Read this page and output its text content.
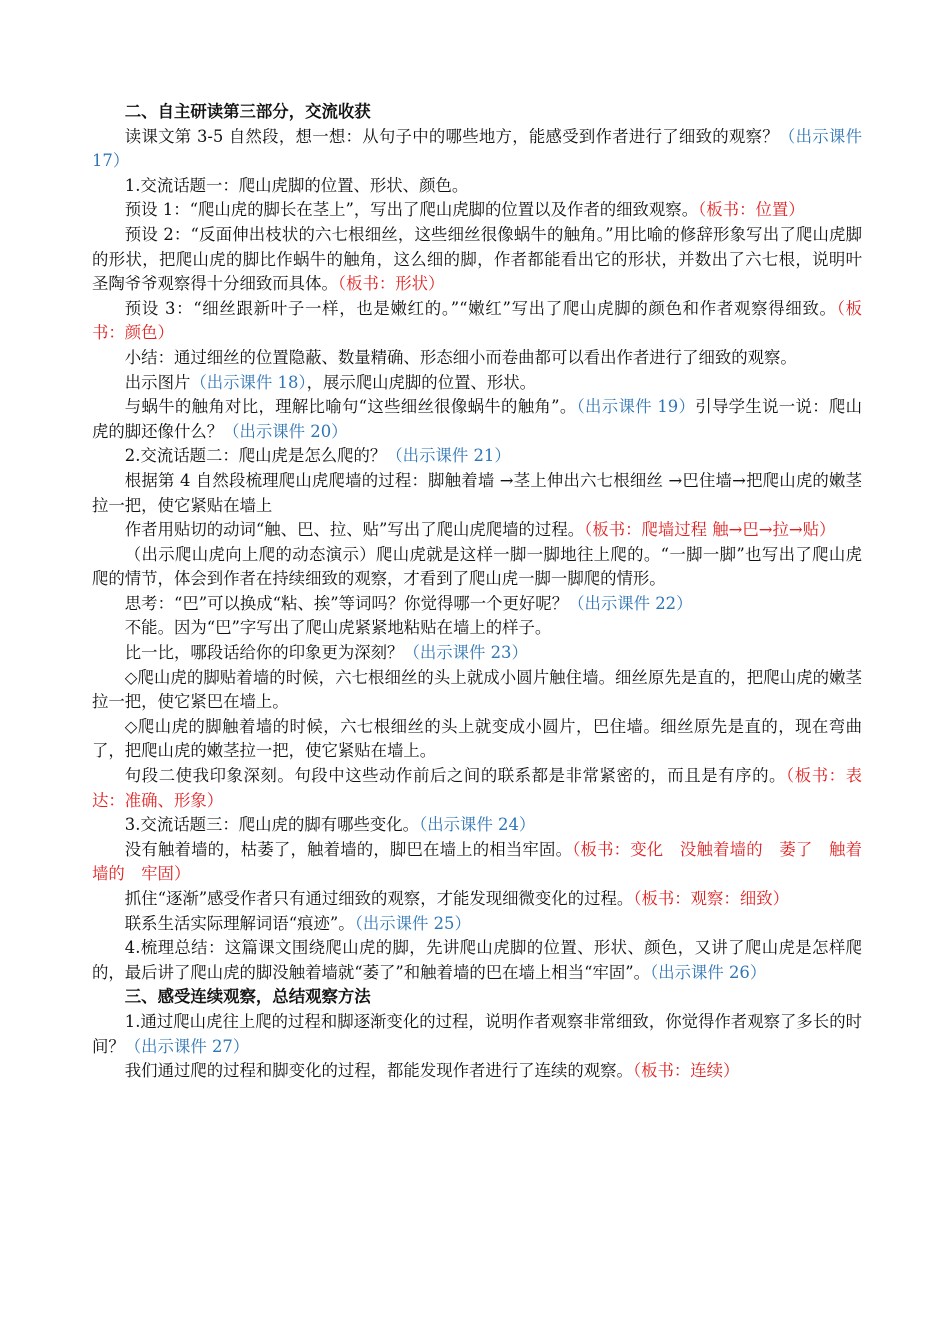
二、自主研读第三部分，交流收获

读课文第 3-5 自然段，想一想：从句子中的哪些地方，能感受到作者进行了细致的观察？（出示课件 17）

1.交流话题一：爬山虎脚的位置、形状、颜色。

预设 1：“爬山虎的脚长在茎上”，写出了爬山虎脚的位置以及作者的细致观察。（板书：位置）

预设 2：“反面伸出枝状的六七根细丝，这些细丝很像蜗牛的触角。”用比喻的修辞形象写出了爬山虎脚的形状，把爬山虎的脚比作蜗牛的触角，这么细的脚，作者都能看出它的形状，并数出了六七根，说明叶圣陶爷爷观察得十分细致而具体。（板书：形状）

预设 3：“细丝跟新叶子一样，也是嫩红的。”“嫩红”写出了爬山虎脚的颜色和作者观察得细致。（板书：颜色）

小结：通过细丝的位置隐蔽、数量精确、形态细小而卷曲都可以看出作者进行了细致的观察。

出示图片（出示课件 18），展示爬山虎脚的位置、形状。

与蜗牛的触角对比，理解比喻句“这些细丝很像蜗牛的触角”。（出示课件 19）引导学生说一说：爬山虎的脚还像什么？（出示课件 20）

2.交流话题二：爬山虎是怎么爬的？（出示课件 21）

根据第 4 自然段梳理爬山虎爬墙的过程：脚触着墙 →茎上伸出六七根细丝 →巴住墙→把爬山虎的嫩茎拉一把，使它紧贴在墙上

作者用贴切的动词“触、巴、拉、贴”写出了爬山虎爬墙的过程。（板书：爬墙过程 触→巴→拉→贴）

（出示爬山虎向上爬的动态演示）爬山虎就是这样一脚一脚地往上爬的。“一脚一脚”也写出了爬山虎爬的情节，体会到作者在持续细致的观察，才看到了爬山虎一脚一脚爬的情形。

思考：“巴”可以换成“粘、挨”等词吗？你觉得哪一个更好呢？（出示课件 22）

不能。因为“巴”字写出了爬山虎紧紧地粘贴在墙上的样子。

比一比，哪段话给你的印象更为深刻？（出示课件 23）

◇爬山虎的脚贴着墙的时候，六七根细丝的头上就成小圆片触住墙。细丝原先是直的，把爬山虎的嫩茎拉一把，使它紧巴在墙上。

◇爬山虎的脚触着墙的时候，六七根细丝的头上就变成小圆片，巴住墙。细丝原先是直的，现在弯曲了，把爬山虎的嫩茎拉一把，使它紧贴在墙上。

句段二使我印象深刻。句段中这些动作前后之间的联系都是非常紧密的，而且是有序的。（板书：表达：准确、形象）

3.交流话题三：爬山虎的脚有哪些变化。（出示课件 24）

没有触着墙的，枯萎了，触着墙的，脚巴在墙上的相当牢固。（板书：变化　没触着墙的　萎了　触着墙的　牢固）

抓住“逐渐”感受作者只有通过细致的观察，才能发现细微变化的过程。（板书：观察：细致）

联系生活实际理解词语“痕迹”。（出示课件 25）

4.梳理总结：这篇课文围绕爬山虎的脚，先讲爬山虎脚的位置、形状、颜色，又讲了爬山虎是怎样爬的，最后讲了爬山虎的脚没触着墙就“萎了”和触着墙的巴在墙上相当“牢固”。（出示课件 26）

三、感受连续观察，总结观察方法

1.通过爬山虎往上爬的过程和脚逐渐变化的过程，说明作者观察非常细致，你觉得作者观察了多长的时间？（出示课件 27）

我们通过爬的过程和脚变化的过程，都能发现作者进行了连续的观察。（板书：连续）
